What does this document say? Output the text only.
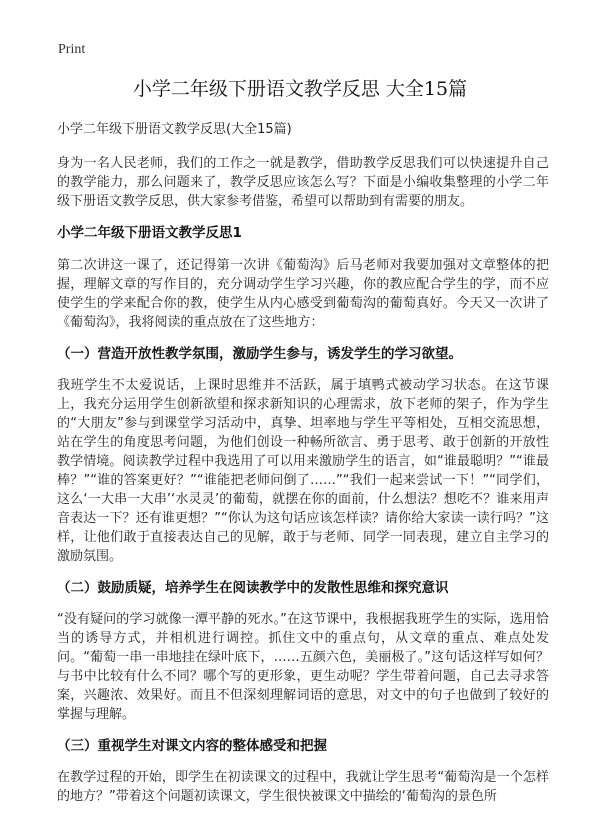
Print
小学二年级下册语文教学反思 大全15篇

小学二年级下册语文教学反思(大全15篇)

身为一名人民老师，我们的工作之一就是教学，借助教学反思我们可以快速提升自己的教学能力，那么问题来了，教学反思应该怎么写？下面是小编收集整理的小学二年级下册语文教学反思，供大家参考借鉴，希望可以帮助到有需要的朋友。

小学二年级下册语文教学反思1

第二次讲这一课了，还记得第一次讲《葡萄沟》后马老师对我要加强对文章整体的把握，理解文章的写作目的，充分调动学生学习兴趣，你的教应配合学生的学，而不应使学生的学来配合你的教，使学生从内心感受到葡萄沟的葡萄真好。今天又一次讲了《葡萄沟》，我将阅读的重点放在了这些地方：

（一）营造开放性教学氛围，激励学生参与，诱发学生的学习欲望。

我班学生不太爱说话，上课时思维并不活跃，属于填鸭式被动学习状态。在这节课上，我充分运用学生创新欲望和探求新知识的心理需求，放下老师的架子，作为学生的“大朋友”参与到课堂学习活动中，真挚、坦率地与学生平等相处，互相交流思想，站在学生的角度思考问题，为他们创设一种畅所欲言、勇于思考、敢于创新的开放性教学情境。阅读教学过程中我选用了可以用来激励学生的语言，如“谁最聪明？”“谁最棒？”“谁的答案更好？”“谁能把老师问倒了……”“我们一起来尝试一下！”“同学们，这么‘一大串一大串’‘水灵灵’的葡萄，就摆在你的面前，什么想法？想吃不？谁来用声音表达一下？还有谁更想？”“你认为这句话应该怎样读？请你给大家读一读行吗？”这样，让他们敢于直接表达自己的见解，敢于与老师、同学一同表现，建立自主学习的激励氛围。

（二）鼓励质疑，培养学生在阅读教学中的发散性思维和探究意识

“没有疑问的学习就像一潭平静的死水。”在这节课中，我根据我班学生的实际，选用恰当的诱导方式，并相机进行调控。抓住文中的重点句，从文章的重点、难点处发问。“葡萄一串一串地挂在绿叶底下，……五颜六色，美丽极了。”这句话这样写如何？与书中比较有什么不同？哪个写的更形象，更生动呢？学生带着问题，自己去寻求答案，兴趣浓、效果好。而且不但深刻理解词语的意思，对文中的句子也做到了较好的掌握与理解。

（三）重视学生对课文内容的整体感受和把握

在教学过程的开始，即学生在初读课文的过程中，我就让学生思考“葡萄沟是一个怎样的地方？”带着这个问题初读课文，学生很快被课文中描绘的‘葡萄沟的景色所
